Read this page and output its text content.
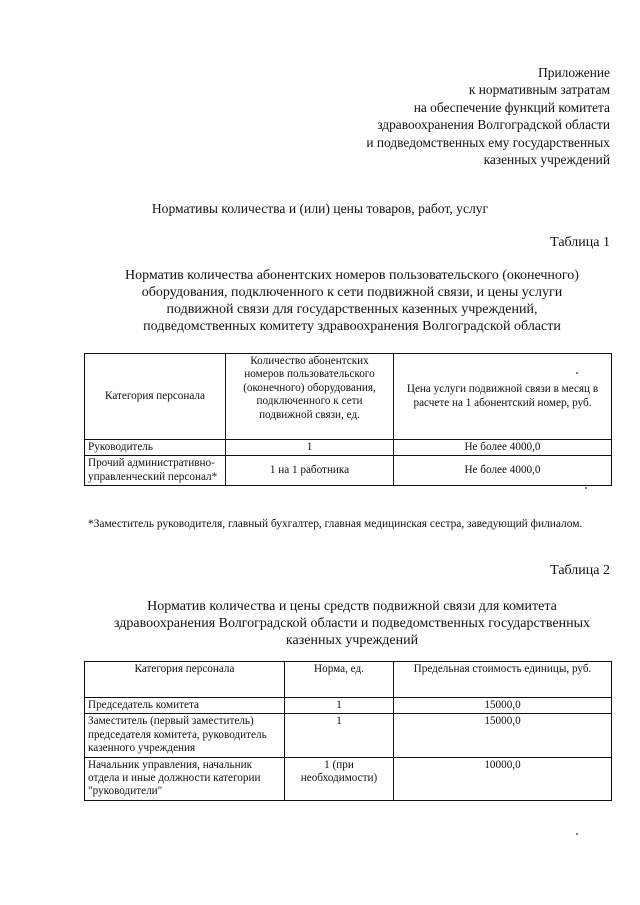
Приложение
к нормативным затратам
на обеспечение функций комитета
здравоохранения Волгоградской области
и подведомственных ему государственных
казенных учреждений
Нормативы количества и (или) цены товаров, работ, услуг
Таблица 1
Норматив количества абонентских номеров пользовательского (оконечного)
оборудования, подключенного к сети подвижной связи, и цены услуги
подвижной связи для государственных казенных учреждений,
подведомственных комитету здравоохранения Волгоградской области
Категория персонала	Количество абонентских номеров пользовательского (оконечного) оборудования, подключенного к сети подвижной связи, ед.	Цена услуги подвижной связи в месяц в расчете на 1 абонентский номер, руб.
Руководитель	1	Не более 4000,0
Прочий административно-управленческий персонал*	1 на 1 работника	Не более 4000,0
*Заместитель руководителя, главный бухгалтер, главная медицинская сестра, заведующий филиалом.
Таблица 2
Норматив количества и цены средств подвижной связи для комитета
здравоохранения Волгоградской области и подведомственных государственных
казенных учреждений
Категория персонала	Норма, ед.	Предельная стоимость единицы, руб.
Председатель комитета	1	15000,0
Заместитель (первый заместитель) председателя комитета, руководитель казенного учреждения	1	15000,0
Начальник управления, начальник отдела и иные должности категории "руководители"	1 (при необходимости)	10000,0
